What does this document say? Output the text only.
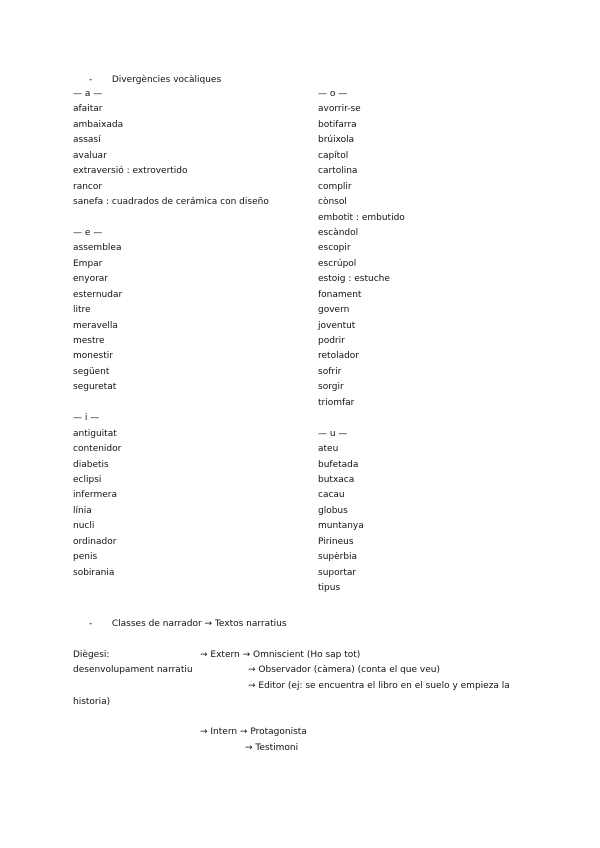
- Divergències vocàliques
— a —
afaitar
ambaixada
assasí
avaluar
extraversió : extrovertido
rancor
sanefa : cuadrados de cerámica con diseño
— e —
assemblea
Empar
enyorar
esternudar
litre
meravella
mestre
monestir
següent
seguretat
— i —
antiguitat
contenidor
diabetis
eclipsi
infermera
línia
nucli
ordinador
penis
sobirania
— o —
avorrir-se
botifarra
brúixola
capítol
cartolina
complir
cònsol
embotit : embutido
escàndol
escopir
escrúpol
estoig : estuche
fonament
govern
joventut
podrir
retolador
sofrir
sorgir
triomfar
— u —
ateu
bufetada
butxaca
cacau
globus
muntanya
Pirineus
supèrbia
suportar
tipus
- Classes de narrador → Textos narratius
Diègesi:	→ Extern → Omniscient (Ho sap tot)
desenvolupament narratiu	→ Observador (càmera) (conta el que veu)
→ Editor (ej: se encuentra el libro en el suelo y empieza la
historia)
→ Intern → Protagonista
→ Testimoni
